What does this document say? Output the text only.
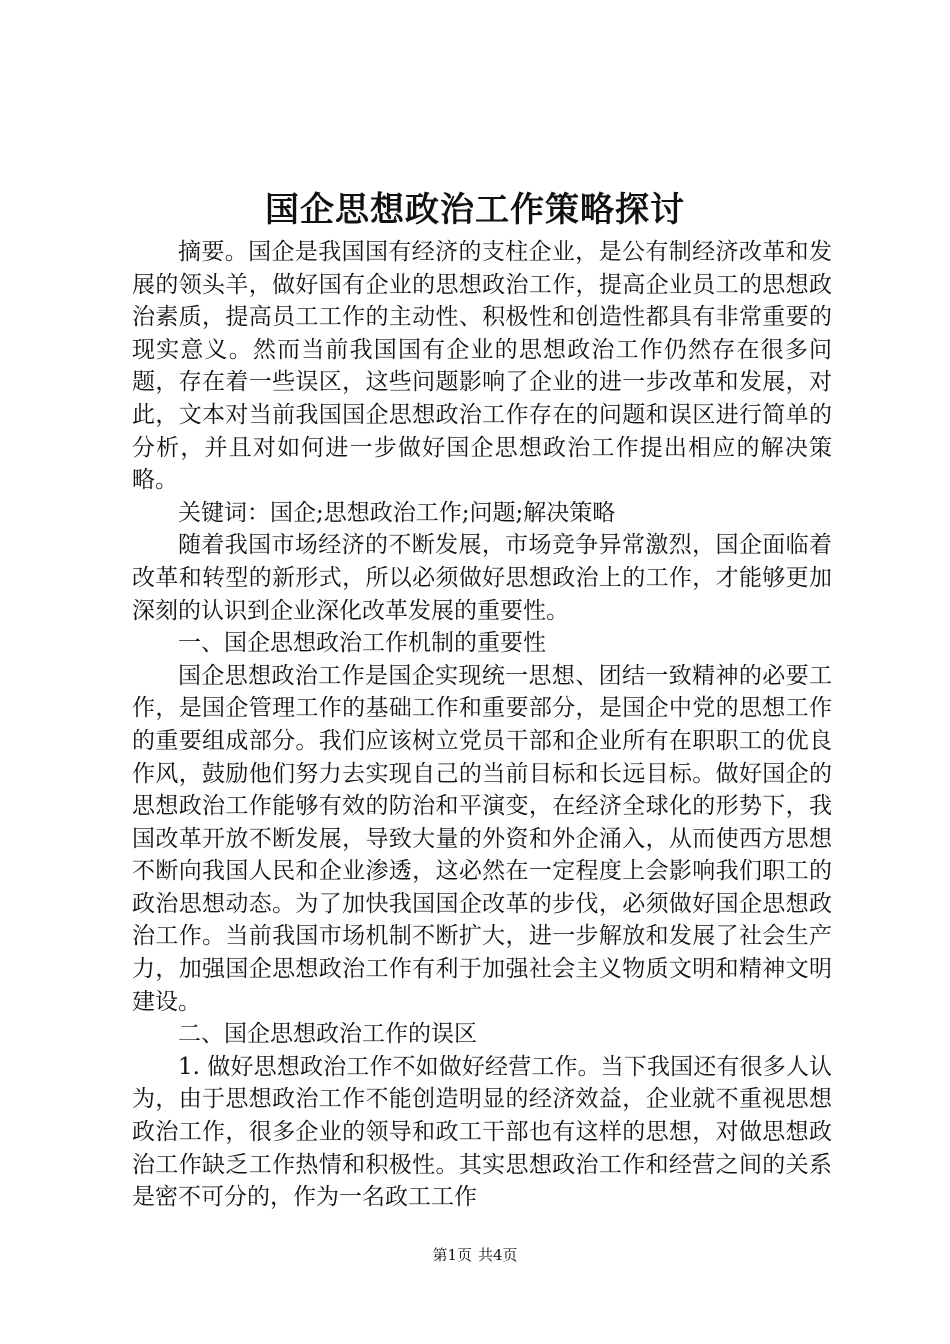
国企思想政治工作策略探讨

摘要。国企是我国国有经济的支柱企业，是公有制经济改革和发展的领头羊，做好国有企业的思想政治工作，提高企业员工的思想政治素质，提高员工工作的主动性、积极性和创造性都具有非常重要的现实意义。然而当前我国国有企业的思想政治工作仍然存在很多问题，存在着一些误区，这些问题影响了企业的进一步改革和发展，对此，文本对当前我国国企思想政治工作存在的问题和误区进行简单的分析，并且对如何进一步做好国企思想政治工作提出相应的解决策略。

关键词：国企;思想政治工作;问题;解决策略

随着我国市场经济的不断发展，市场竞争异常激烈，国企面临着改革和转型的新形式，所以必须做好思想政治上的工作，才能够更加深刻的认识到企业深化改革发展的重要性。

一、国企思想政治工作机制的重要性

国企思想政治工作是国企实现统一思想、团结一致精神的必要工作，是国企管理工作的基础工作和重要部分，是国企中党的思想工作的重要组成部分。我们应该树立党员干部和企业所有在职职工的优良作风，鼓励他们努力去实现自己的当前目标和长远目标。做好国企的思想政治工作能够有效的防治和平演变，在经济全球化的形势下，我国改革开放不断发展，导致大量的外资和外企涌入，从而使西方思想不断向我国人民和企业渗透，这必然在一定程度上会影响我们职工的政治思想动态。为了加快我国国企改革的步伐，必须做好国企思想政治工作。当前我国市场机制不断扩大，进一步解放和发展了社会生产力，加强国企思想政治工作有利于加强社会主义物质文明和精神文明建设。

二、国企思想政治工作的误区

1. 做好思想政治工作不如做好经营工作。当下我国还有很多人认为，由于思想政治工作不能创造明显的经济效益，企业就不重视思想政治工作，很多企业的领导和政工干部也有这样的思想，对做思想政治工作缺乏工作热情和积极性。其实思想政治工作和经营之间的关系是密不可分的，作为一名政工工作

第1页 共4页
